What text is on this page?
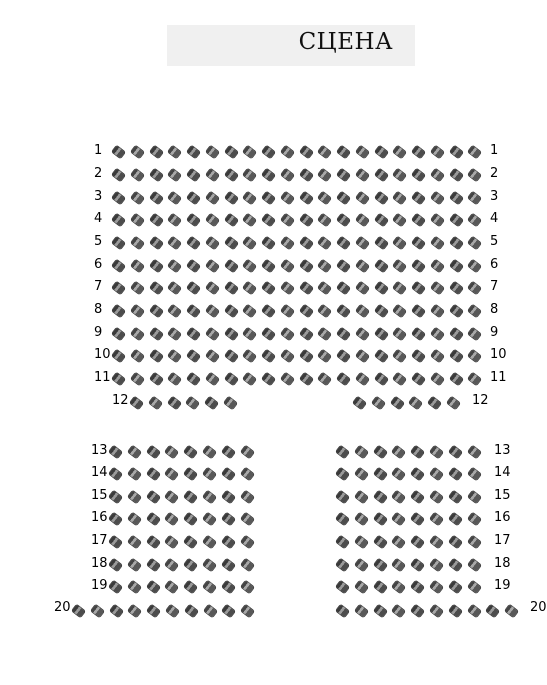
СЦЕНА
1	1
2	2
3	3
4	4
5	5
6	6
7	7
8	8
9	9
10	10
11	11
12	12
13	13
14	14
15	15
16	16
17	17
18	18
19	19
20	20
